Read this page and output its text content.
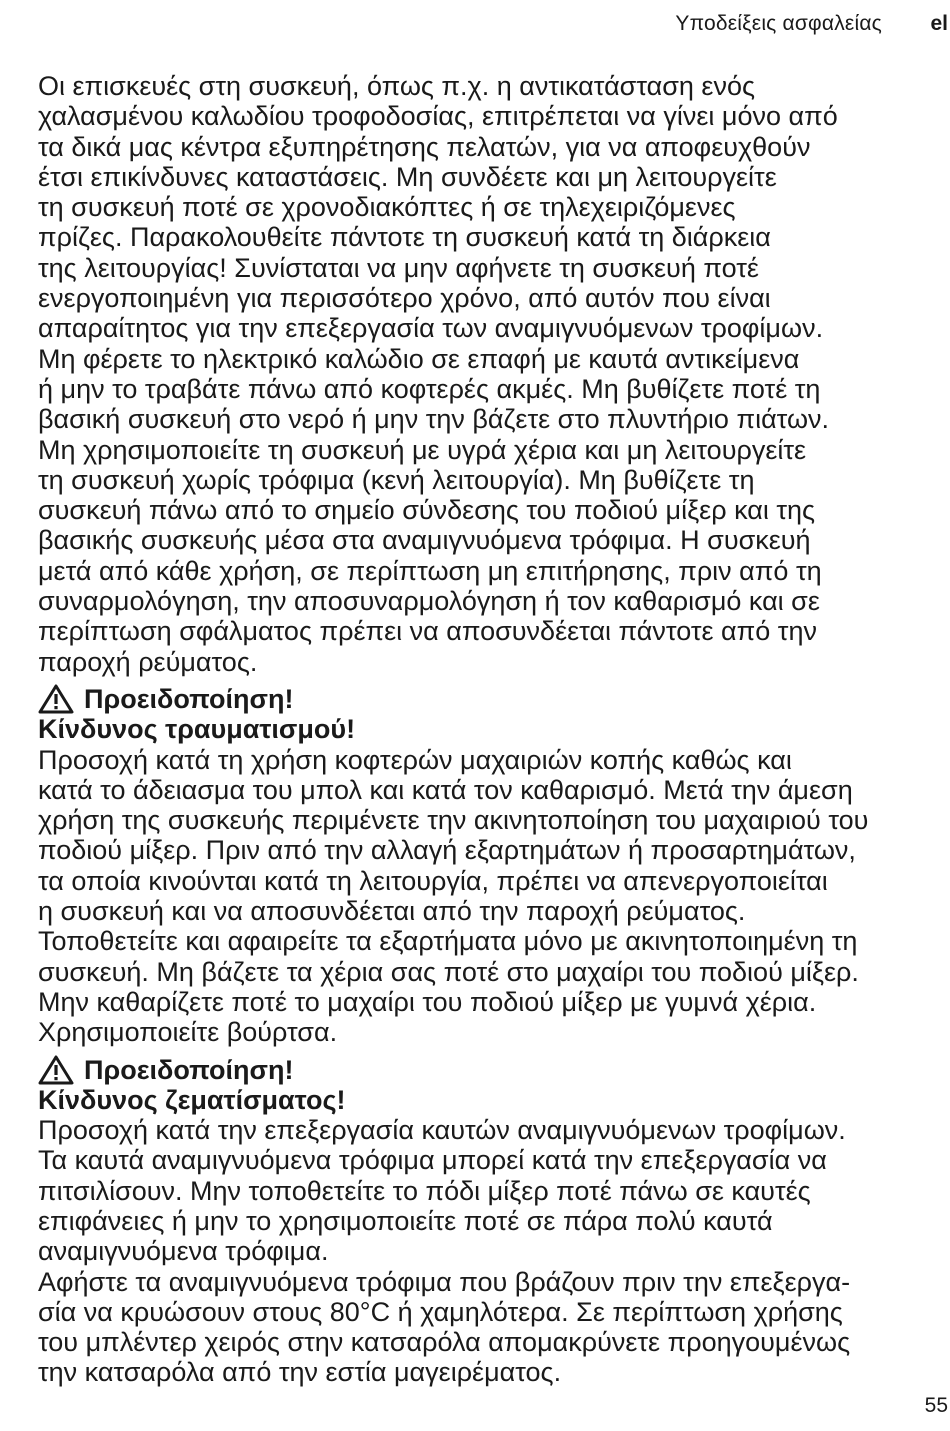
Υποδείξεις ασφαλείας el

Οι επισκευές στη συσκευή, όπως π.χ. η αντικατάσταση ενός
χαλασμένου καλωδίου τροφοδοσίας, επιτρέπεται να γίνει μόνο από
τα δικά μας κέντρα εξυπηρέτησης πελατών, για να αποφευχθούν
έτσι επικίνδυνες καταστάσεις. Μη συνδέετε και μη λειτουργείτε
τη συσκευή ποτέ σε χρονοδιακόπτες ή σε τηλεχειριζόμενες
πρίζες. Παρακολουθείτε πάντοτε τη συσκευή κατά τη διάρκεια
της λειτουργίας! Συνίσταται να μην αφήνετε τη συσκευή ποτέ
ενεργοποιημένη για περισσότερο χρόνο, από αυτόν που είναι
απαραίτητος για την επεξεργασία των αναμιγνυόμενων τροφίμων.
Μη φέρετε το ηλεκτρικό καλώδιο σε επαφή με καυτά αντικείμενα
ή μην το τραβάτε πάνω από κοφτερές ακμές. Μη βυθίζετε ποτέ τη
βασική συσκευή στο νερό ή μην την βάζετε στο πλυντήριο πιάτων.
Μη χρησιμοποιείτε τη συσκευή με υγρά χέρια και μη λειτουργείτε
τη συσκευή χωρίς τρόφιμα (κενή λειτουργία). Μη βυθίζετε τη
συσκευή πάνω από το σημείο σύνδεσης του ποδιού μίξερ και της
βασικής συσκευής μέσα στα αναμιγνυόμενα τρόφιμα. Η συσκευή
μετά από κάθε χρήση, σε περίπτωση μη επιτήρησης, πριν από τη
συναρμολόγηση, την αποσυναρμολόγηση ή τον καθαρισμό και σε
περίπτωση σφάλματος πρέπει να αποσυνδέεται πάντοτε από την
παροχή ρεύματος.

Προειδοποίηση!

Κίνδυνος τραυματισμού!

Προσοχή κατά τη χρήση κοφτερών μαχαιριών κοπής καθώς και
κατά το άδειασμα του μπολ και κατά τον καθαρισμό. Μετά την άμεση
χρήση της συσκευής περιμένετε την ακινητοποίηση του μαχαιριού του
ποδιού μίξερ. Πριν από την αλλαγή εξαρτημάτων ή προσαρτημάτων,
τα οποία κινούνται κατά τη λειτουργία, πρέπει να απενεργοποιείται
η συσκευή και να αποσυνδέεται από την παροχή ρεύματος.
Τοποθετείτε και αφαιρείτε τα εξαρτήματα μόνο με ακινητοποιημένη τη
συσκευή. Μη βάζετε τα χέρια σας ποτέ στο μαχαίρι του ποδιού μίξερ.
Μην καθαρίζετε ποτέ το μαχαίρι του ποδιού μίξερ με γυμνά χέρια.
Χρησιμοποιείτε βούρτσα.

Προειδοποίηση!

Κίνδυνος ζεματίσματος!

Προσοχή κατά την επεξεργασία καυτών αναμιγνυόμενων τροφίμων.
Τα καυτά αναμιγνυόμενα τρόφιμα μπορεί κατά την επεξεργασία να
πιτσιλίσουν. Μην τοποθετείτε το πόδι μίξερ ποτέ πάνω σε καυτές
επιφάνειες ή μην το χρησιμοποιείτε ποτέ σε πάρα πολύ καυτά
αναμιγνυόμενα τρόφιμα.

Αφήστε τα αναμιγνυόμενα τρόφιμα που βράζουν πριν την επεξεργα-
σία να κρυώσουν στους 80°C ή χαμηλότερα. Σε περίπτωση χρήσης
του μπλέντερ χειρός στην κατσαρόλα απομακρύνετε προηγουμένως
την κατσαρόλα από την εστία μαγειρέματος.

55
